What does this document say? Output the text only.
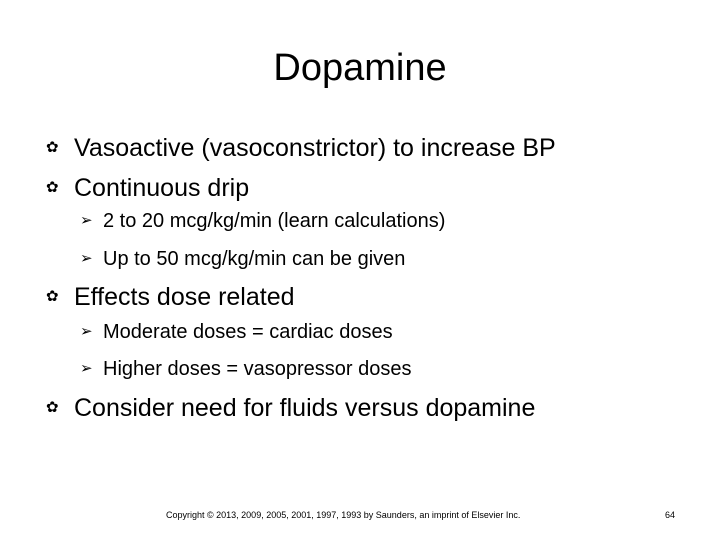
Dopamine
✿ Vasoactive (vasoconstrictor) to increase BP
✿ Continuous drip
➢ 2 to 20 mcg/kg/min (learn calculations)
➢ Up to 50 mcg/kg/min can be given
✿ Effects dose related
➢ Moderate doses = cardiac doses
➢ Higher doses = vasopressor doses
✿ Consider need for fluids versus dopamine
Copyright © 2013, 2009, 2005, 2001, 1997, 1993 by Saunders, an imprint of Elsevier Inc.	64
